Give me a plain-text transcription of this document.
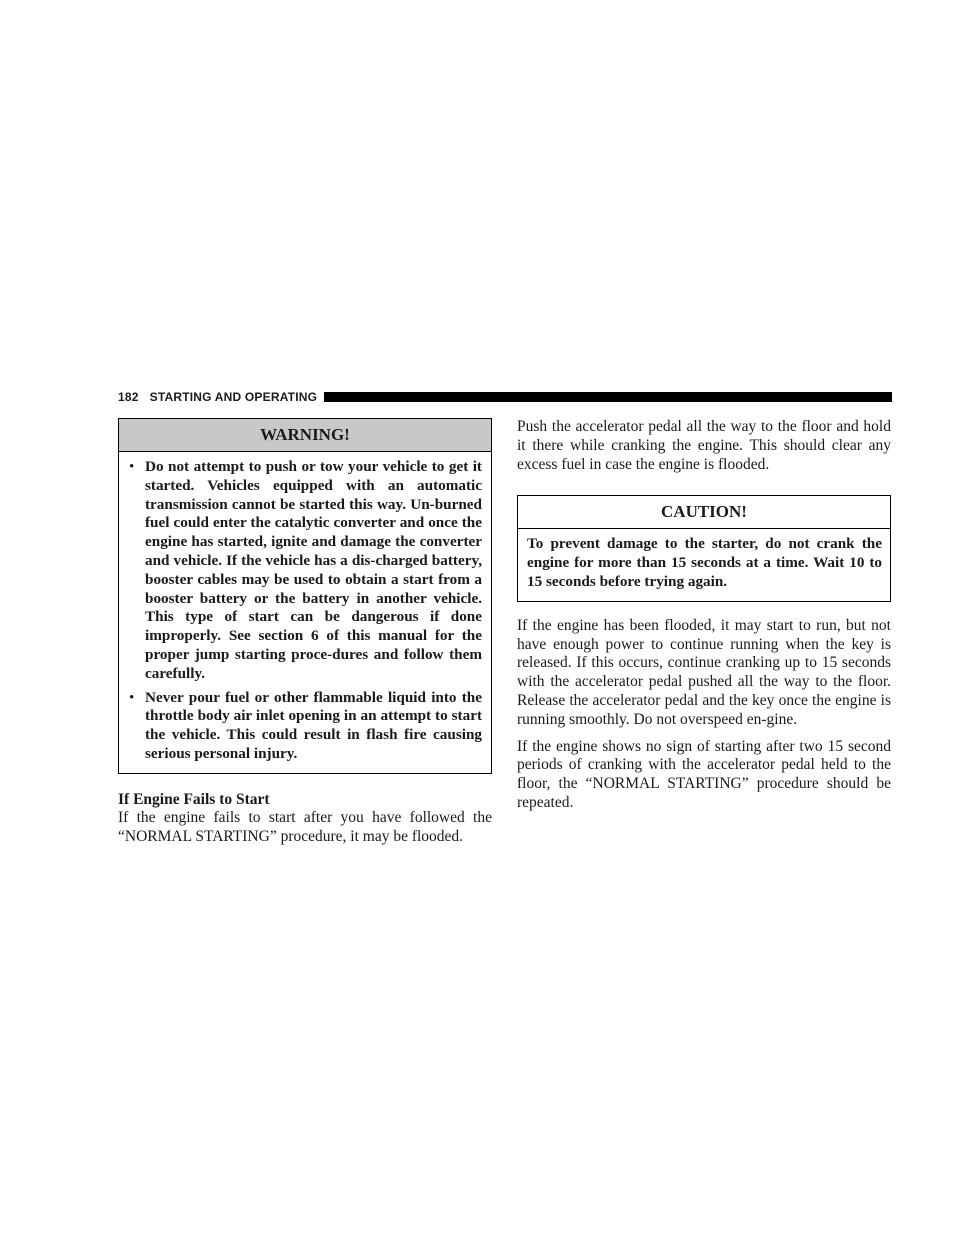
182 STARTING AND OPERATING
WARNING!
• Do not attempt to push or tow your vehicle to get it started. Vehicles equipped with an automatic transmission cannot be started this way. Un-burned fuel could enter the catalytic converter and once the engine has started, ignite and damage the converter and vehicle. If the vehicle has a dis-charged battery, booster cables may be used to obtain a start from a booster battery or the battery in another vehicle. This type of start can be dangerous if done improperly. See section 6 of this manual for the proper jump starting proce-dures and follow them carefully.
• Never pour fuel or other flammable liquid into the throttle body air inlet opening in an attempt to start the vehicle. This could result in flash fire causing serious personal injury.
If Engine Fails to Start

If the engine fails to start after you have followed the “NORMAL STARTING” procedure, it may be flooded.

Push the accelerator pedal all the way to the floor and hold it there while cranking the engine. This should clear any excess fuel in case the engine is flooded.

CAUTION!
To prevent damage to the starter, do not crank the engine for more than 15 seconds at a time. Wait 10 to 15 seconds before trying again.

If the engine has been flooded, it may start to run, but not have enough power to continue running when the key is released. If this occurs, continue cranking up to 15 seconds with the accelerator pedal pushed all the way to the floor. Release the accelerator pedal and the key once the engine is running smoothly. Do not overspeed en-gine.

If the engine shows no sign of starting after two 15 second periods of cranking with the accelerator pedal held to the floor, the “NORMAL STARTING” procedure should be repeated.
